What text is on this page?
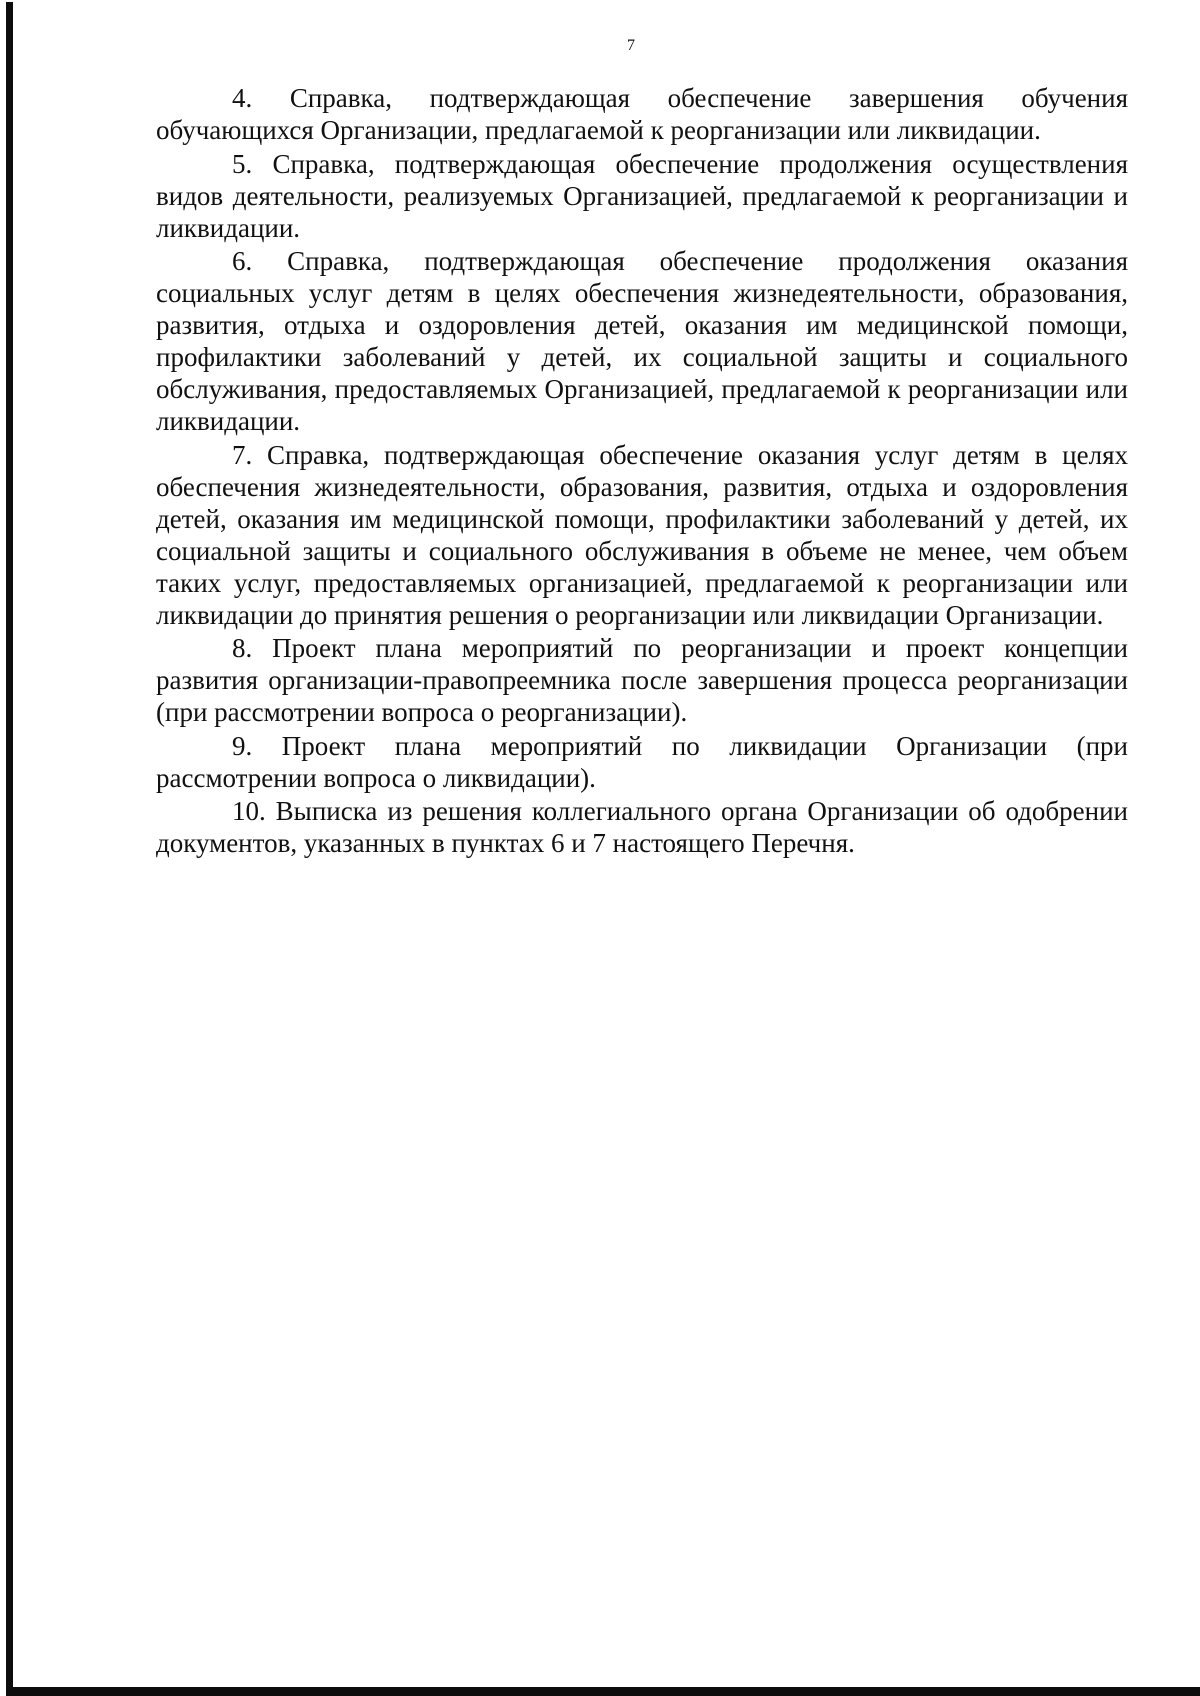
7

4. Справка, подтверждающая обеспечение завершения обучения обучающихся Организации, предлагаемой к реорганизации или ликвидации.

5. Справка, подтверждающая обеспечение продолжения осуществления видов деятельности, реализуемых Организацией, предлагаемой к реорганизации и ликвидации.

6. Справка, подтверждающая обеспечение продолжения оказания социальных услуг детям в целях обеспечения жизнедеятельности, образования, развития, отдыха и оздоровления детей, оказания им медицинской помощи, профилактики заболеваний у детей, их социальной защиты и социального обслуживания, предоставляемых Организацией, предлагаемой к реорганизации или ликвидации.

7. Справка, подтверждающая обеспечение оказания услуг детям в целях обеспечения жизнедеятельности, образования, развития, отдыха и оздоровления детей, оказания им медицинской помощи, профилактики заболеваний у детей, их социальной защиты и социального обслуживания в объеме не менее, чем объем таких услуг, предоставляемых организацией, предлагаемой к реорганизации или ликвидации до принятия решения о реорганизации или ликвидации Организации.

8. Проект плана мероприятий по реорганизации и проект концепции развития организации-правопреемника после завершения процесса реорганизации (при рассмотрении вопроса о реорганизации).

9. Проект плана мероприятий по ликвидации Организации (при рассмотрении вопроса о ликвидации).

10. Выписка из решения коллегиального органа Организации об одобрении документов, указанных в пунктах 6 и 7 настоящего Перечня.
